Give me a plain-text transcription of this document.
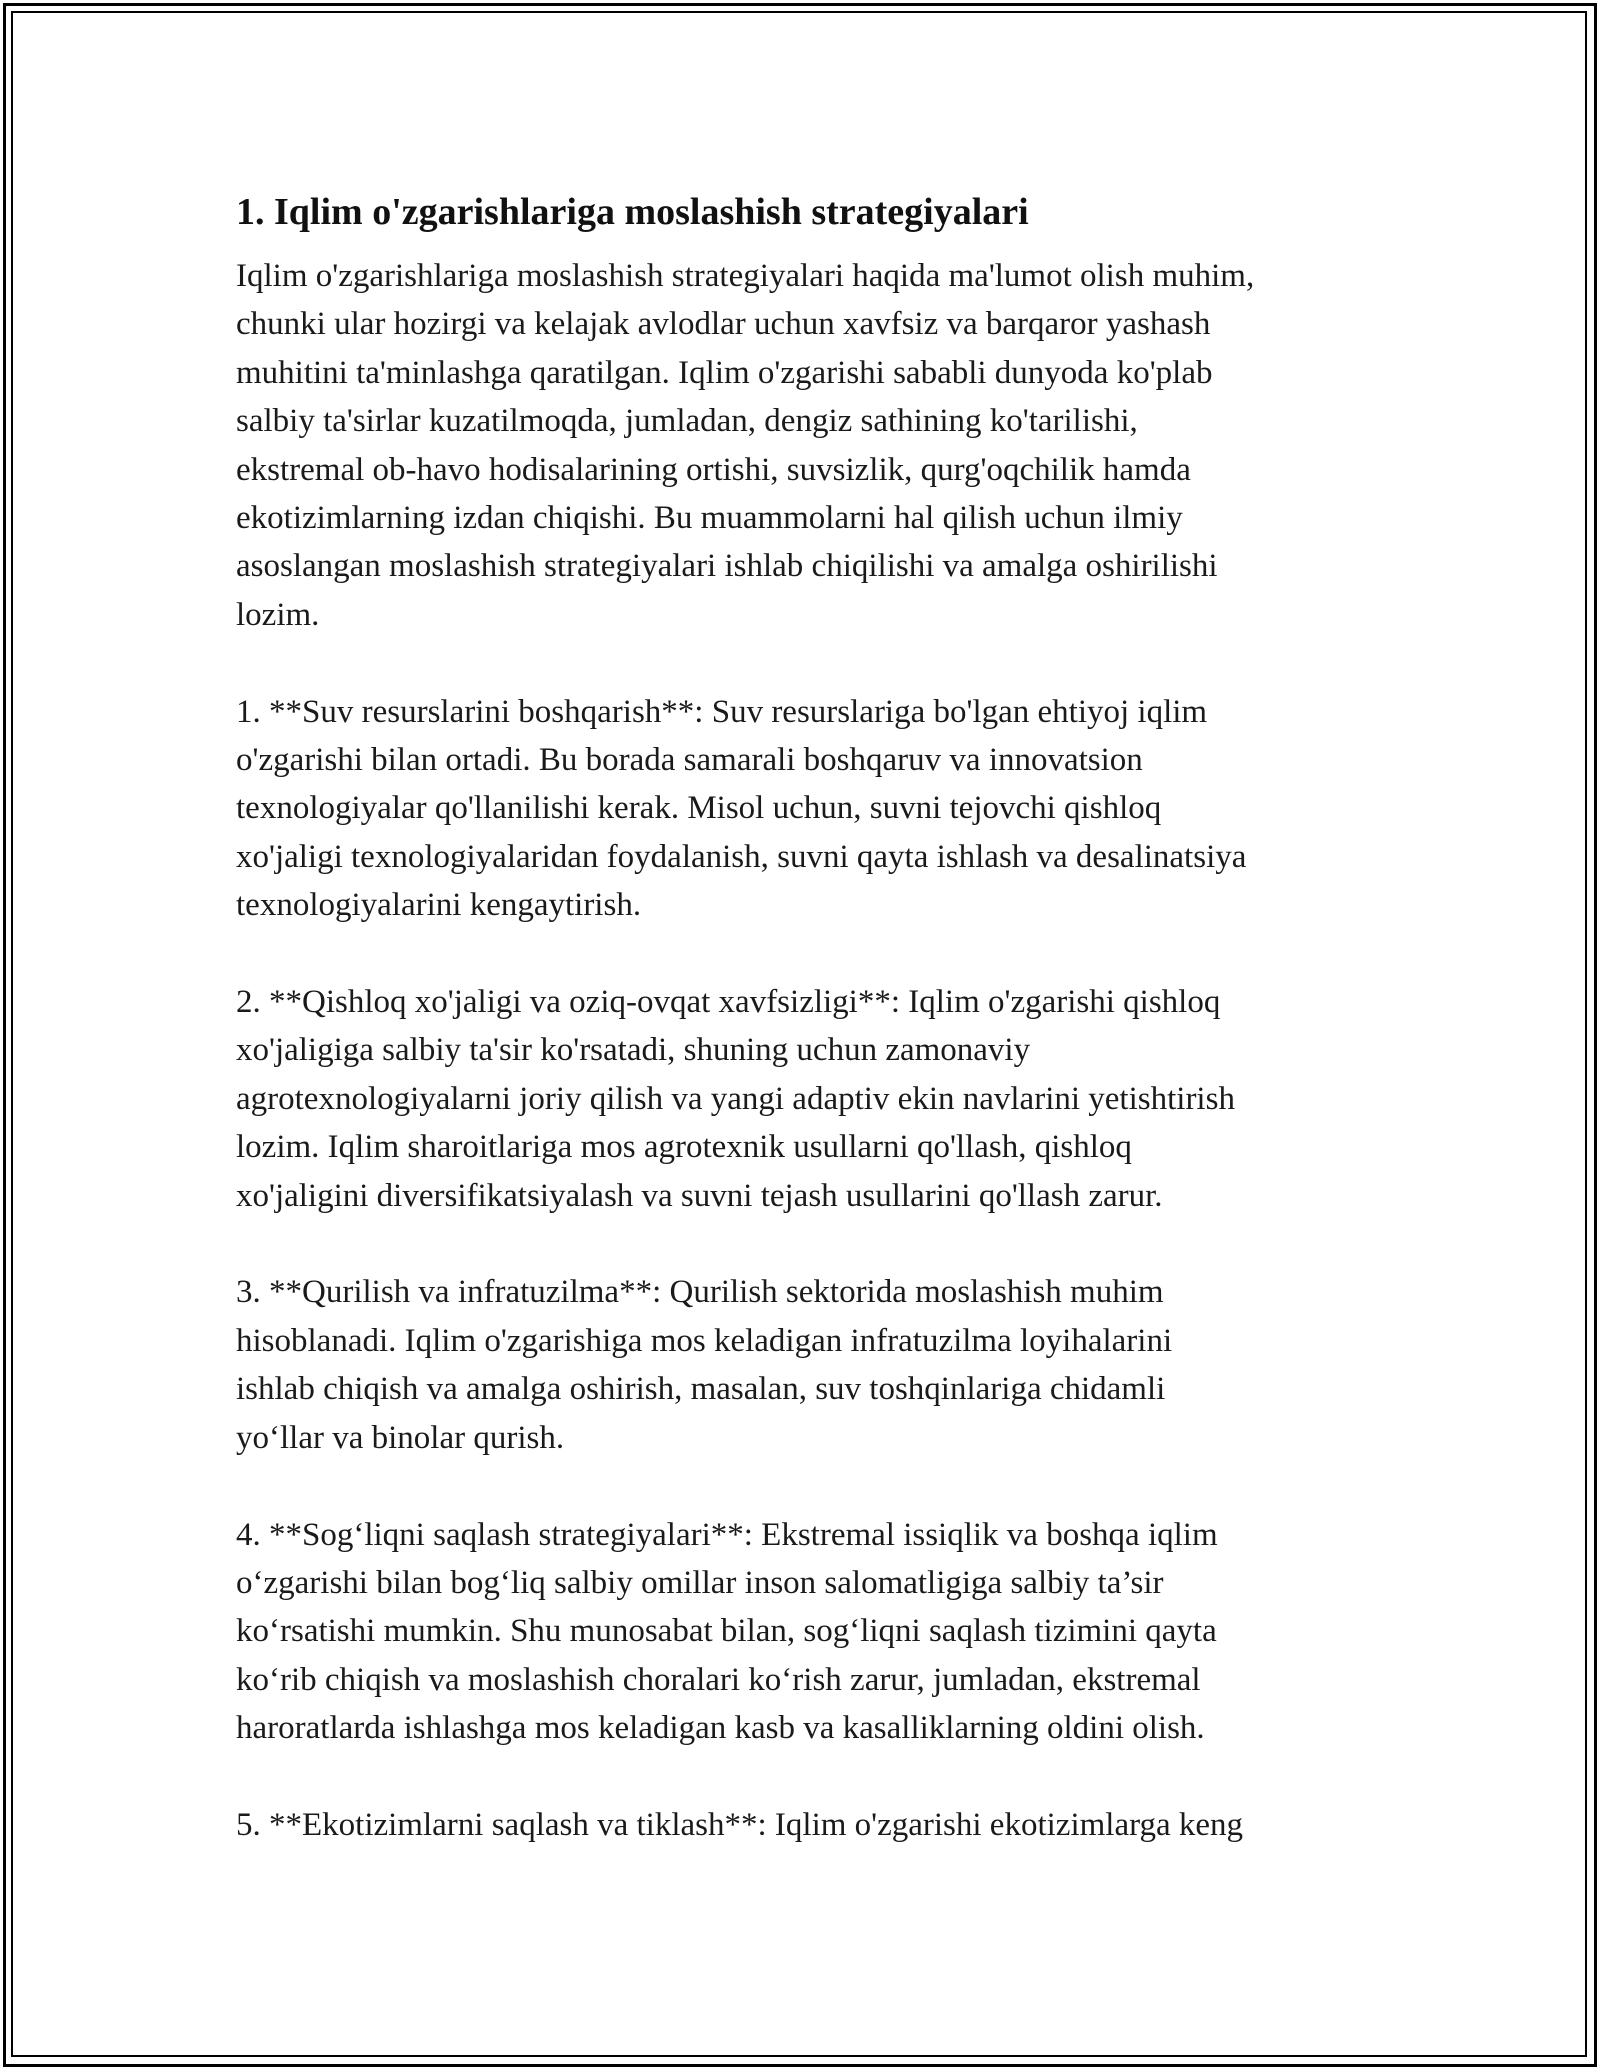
1. Iqlim o'zgarishlariga moslashish strategiyalari

Iqlim o'zgarishlariga moslashish strategiyalari haqida ma'lumot olish muhim,
chunki ular hozirgi va kelajak avlodlar uchun xavfsiz va barqaror yashash
muhitini ta'minlashga qaratilgan. Iqlim o'zgarishi sababli dunyoda ko'plab
salbiy ta'sirlar kuzatilmoqda, jumladan, dengiz sathining ko'tarilishi,
ekstremal ob-havo hodisalarining ortishi, suvsizlik, qurg'oqchilik hamda
ekotizimlarning izdan chiqishi. Bu muammolarni hal qilish uchun ilmiy
asoslangan moslashish strategiyalari ishlab chiqilishi va amalga oshirilishi
lozim.

1. **Suv resurslarini boshqarish**: Suv resurslariga bo'lgan ehtiyoj iqlim
o'zgarishi bilan ortadi. Bu borada samarali boshqaruv va innovatsion
texnologiyalar qo'llanilishi kerak. Misol uchun, suvni tejovchi qishloq
xo'jaligi texnologiyalaridan foydalanish, suvni qayta ishlash va desalinatsiya
texnologiyalarini kengaytirish.

2. **Qishloq xo'jaligi va oziq-ovqat xavfsizligi**: Iqlim o'zgarishi qishloq
xo'jaligiga salbiy ta'sir ko'rsatadi, shuning uchun zamonaviy
agrotexnologiyalarni joriy qilish va yangi adaptiv ekin navlarini yetishtirish
lozim. Iqlim sharoitlariga mos agrotexnik usullarni qo'llash, qishloq
xo'jaligini diversifikatsiyalash va suvni tejash usullarini qo'llash zarur.

3. **Qurilish va infratuzilma**: Qurilish sektorida moslashish muhim
hisoblanadi. Iqlim o'zgarishiga mos keladigan infratuzilma loyihalarini
ishlab chiqish va amalga oshirish, masalan, suv toshqinlariga chidamli
yo‘llar va binolar qurish.

4. **Sog‘liqni saqlash strategiyalari**: Ekstremal issiqlik va boshqa iqlim
o‘zgarishi bilan bog‘liq salbiy omillar inson salomatligiga salbiy ta’sir
ko‘rsatishi mumkin. Shu munosabat bilan, sog‘liqni saqlash tizimini qayta
ko‘rib chiqish va moslashish choralari ko‘rish zarur, jumladan, ekstremal
haroratlarda ishlashga mos keladigan kasb va kasalliklarning oldini olish.

5. **Ekotizimlarni saqlash va tiklash**: Iqlim o'zgarishi ekotizimlarga keng
